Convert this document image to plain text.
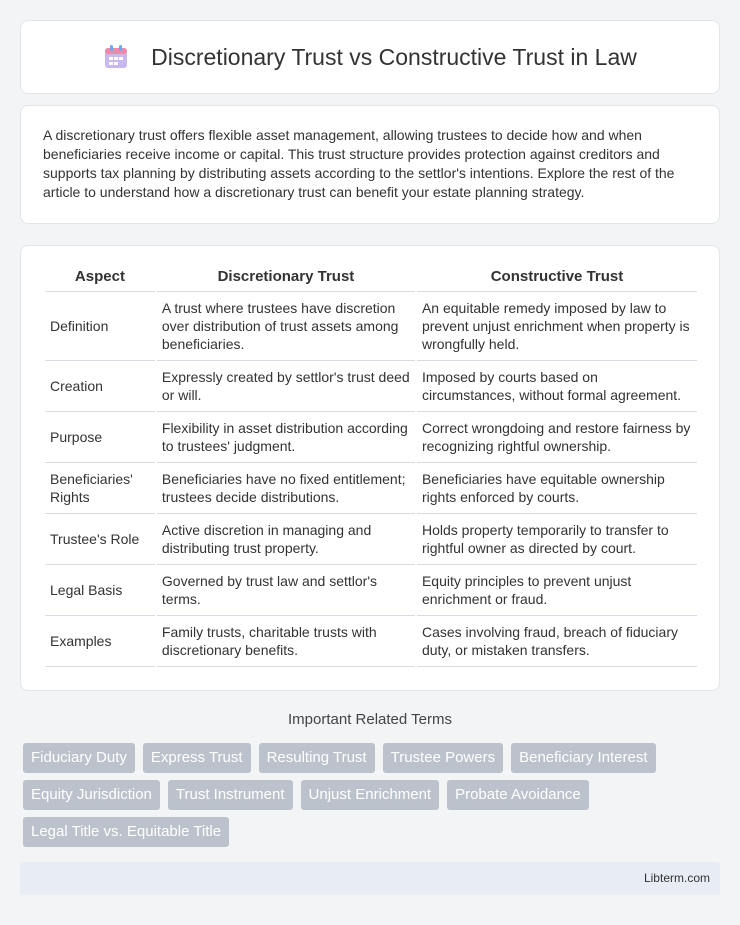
Discretionary Trust vs Constructive Trust in Law

A discretionary trust offers flexible asset management, allowing trustees to decide how and when beneficiaries receive income or capital. This trust structure provides protection against creditors and supports tax planning by distributing assets according to the settlor's intentions. Explore the rest of the article to understand how a discretionary trust can benefit your estate planning strategy.

Aspect	Discretionary Trust	Constructive Trust
Definition	A trust where trustees have discretion over distribution of trust assets among beneficiaries.	An equitable remedy imposed by law to prevent unjust enrichment when property is wrongfully held.
Creation	Expressly created by settlor's trust deed or will.	Imposed by courts based on circumstances, without formal agreement.
Purpose	Flexibility in asset distribution according to trustees' judgment.	Correct wrongdoing and restore fairness by recognizing rightful ownership.
Beneficiaries' Rights	Beneficiaries have no fixed entitlement; trustees decide distributions.	Beneficiaries have equitable ownership rights enforced by courts.
Trustee's Role	Active discretion in managing and distributing trust property.	Holds property temporarily to transfer to rightful owner as directed by court.
Legal Basis	Governed by trust law and settlor's terms.	Equity principles to prevent unjust enrichment or fraud.
Examples	Family trusts, charitable trusts with discretionary benefits.	Cases involving fraud, breach of fiduciary duty, or mistaken transfers.
Important Related Terms
Fiduciary Duty	Express Trust	Resulting Trust	Trustee Powers	Beneficiary Interest
Equity Jurisdiction	Trust Instrument	Unjust Enrichment	Probate Avoidance
Legal Title vs. Equitable Title
Libterm.com
